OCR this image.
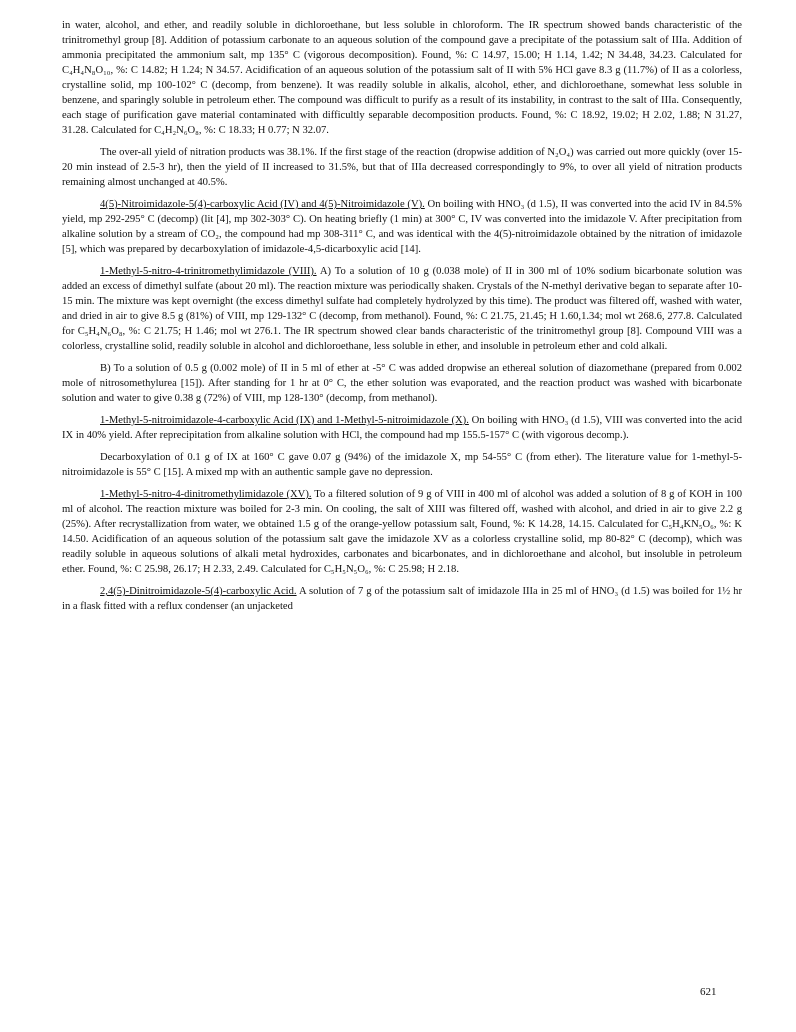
in water, alcohol, and ether, and readily soluble in dichloroethane, but less soluble in chloroform. The IR spectrum showed bands characteristic of the trinitromethyl group [8]. Addition of potassium carbonate to an aqueous solution of the compound gave a precipitate of the potassium salt of IIIa. Addition of ammonia precipitated the ammonium salt, mp 135° C (vigorous decomposition). Found, %: C 14.97, 15.00; H 1.14, 1.42; N 34.48, 34.23. Calculated for C₄H₄N₈O₁₀, %: C 14.82; H 1.24; N 34.57. Acidification of an aqueous solution of the potassium salt of II with 5% HCl gave 8.3 g (11.7%) of II as a colorless, crystalline solid, mp 100-102° C (decomp, from benzene). It was readily soluble in alkalis, alcohol, ether, and dichloroethane, somewhat less soluble in benzene, and sparingly soluble in petroleum ether. The compound was difficult to purify as a result of its instability, in contrast to the salt of IIIa. Consequently, each stage of purification gave material contaminated with difficultly separable decomposition products. Found, %: C 18.92, 19.02; H 2.02, 1.88; N 31.27, 31.28. Calculated for C₄H₂N₆O₈, %: C 18.33; H 0.77; N 32.07.

The over-all yield of nitration products was 38.1%. If the first stage of the reaction (dropwise addition of N₂O₄) was carried out more quickly (over 15-20 min instead of 2.5-3 hr), then the yield of II increased to 31.5%, but that of IIIa decreased correspondingly to 9%, to over all yield of nitration products remaining almost unchanged at 40.5%.

4(5)-Nitroimidazole-5(4)-carboxylic Acid (IV) and 4(5)-Nitroimidazole (V). On boiling with HNO₃ (d 1.5), II was converted into the acid IV in 84.5% yield, mp 292-295° C (decomp) (lit [4], mp 302-303° C). On heating briefly (1 min) at 300° C, IV was converted into the imidazole V. After precipitation from alkaline solution by a stream of CO₂, the compound had mp 308-311° C, and was identical with the 4(5)-nitroimidazole obtained by the nitration of imidazole [5], which was prepared by decarboxylation of imidazole-4,5-dicarboxylic acid [14].

1-Methyl-5-nitro-4-trinitromethylimidazole (VIII). A) To a solution of 10 g (0.038 mole) of II in 300 ml of 10% sodium bicarbonate solution was added an excess of dimethyl sulfate (about 20 ml). The reaction mixture was periodically shaken. Crystals of the N-methyl derivative began to separate after 10-15 min. The mixture was kept overnight (the excess dimethyl sulfate had completely hydrolyzed by this time). The product was filtered off, washed with water, and dried in air to give 8.5 g (81%) of VIII, mp 129-132° C (decomp, from methanol). Found, %: C 21.75, 21.45; H 1.60,1.34; mol wt 268.6, 277.8. Calculated for C₅H₄N₆O₈, %: C 21.75; H 1.46; mol wt 276.1. The IR spectrum showed clear bands characteristic of the trinitromethyl group [8]. Compound VIII was a colorless, crystalline solid, readily soluble in alcohol and dichloroethane, less soluble in ether, and insoluble in petroleum ether and cold alkali.

B) To a solution of 0.5 g (0.002 mole) of II in 5 ml of ether at -5° C was added dropwise an ethereal solution of diazomethane (prepared from 0.002 mole of nitrosomethylurea [15]). After standing for 1 hr at 0° C, the ether solution was evaporated, and the reaction product was washed with bicarbonate solution and water to give 0.38 g (72%) of VIII, mp 128-130° (decomp, from methanol).

1-Methyl-5-nitroimidazole-4-carboxylic Acid (IX) and 1-Methyl-5-nitroimidazole (X). On boiling with HNO₃ (d 1.5), VIII was converted into the acid IX in 40% yield. After reprecipitation from alkaline solution with HCl, the compound had mp 155.5-157° C (with vigorous decomp.).

Decarboxylation of 0.1 g of IX at 160° C gave 0.07 g (94%) of the imidazole X, mp 54-55° C (from ether). The literature value for 1-methyl-5-nitroimidazole is 55° C [15]. A mixed mp with an authentic sample gave no depression.

1-Methyl-5-nitro-4-dinitromethylimidazole (XV). To a filtered solution of 9 g of VIII in 400 ml of alcohol was added a solution of 8 g of KOH in 100 ml of alcohol. The reaction mixture was boiled for 2-3 min. On cooling, the salt of XIII was filtered off, washed with alcohol, and dried in air to give 2.2 g (25%). After recrystallization from water, we obtained 1.5 g of the orange-yellow potassium salt, Found, %: K 14.28, 14.15. Calculated for C₅H₄KN₅O₆, %: K 14.50. Acidification of an aqueous solution of the potassium salt gave the imidazole XV as a colorless crystalline solid, mp 80-82° C (decomp), which was readily soluble in aqueous solutions of alkali metal hydroxides, carbonates and bicarbonates, and in dichloroethane and alcohol, but insoluble in petroleum ether. Found, %: C 25.98, 26.17; H 2.33, 2.49. Calculated for C₅H₅N₅O₆, %: C 25.98; H 2.18.

2,4(5)-Dinitroimidazole-5(4)-carboxylic Acid. A solution of 7 g of the potassium salt of imidazole IIIa in 25 ml of HNO₃ (d 1.5) was boiled for 1½ hr in a flask fitted with a reflux condenser (an unjacketed

621
